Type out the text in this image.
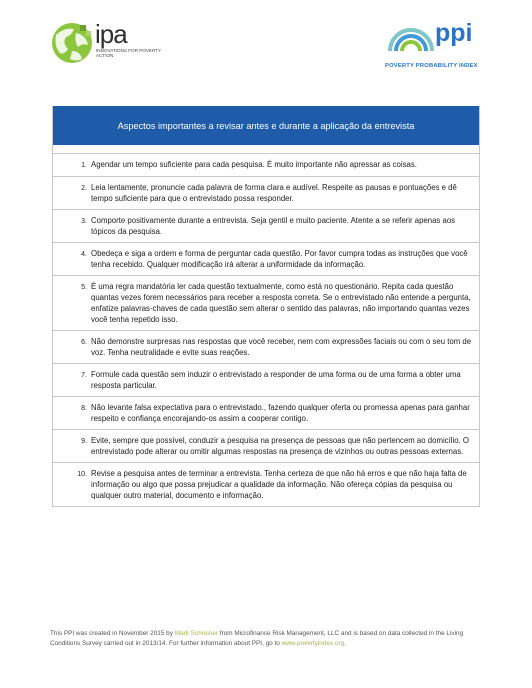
ipa
INNOVATIONS FOR POVERTY ACTION
ppi
POVERTY PROBABILITY INDEX
Aspectos importantes a revisar antes e durante a aplicação da entrevista
1. Agendar um tempo suficiente para cada pesquisa. É muito importante não apressar as coisas.
2. Leia lentamente, pronuncie cada palavra de forma clara e audível. Respeite as pausas e pontuações e dê tempo suficiente para que o entrevistado possa responder.
3. Comporte positivamente durante a entrevista. Seja gentil e muito paciente. Atente a se referir apenas aos tópicos da pesquisa.
4. Obedeça e siga a ordem e forma de perguntar cada questão. Por favor cumpra todas as instruções que você tenha recebido. Qualquer modificação irá alterar a uniformidade da informação.
5. É uma regra mandatória ler cada questão textualmente, como está no questionário. Repita cada questão quantas vezes forem necessários para receber a resposta correta. Se o entrevistado não entende a pergunta, enfatize palavras-chaves de cada questão sem alterar o sentido das palavras, não importando quantas vezes você tenha repetido isso.
6. Não demonstre surpresas nas respostas que você receber, nem com expressões faciais ou com o seu tom de voz. Tenha neutralidade e evite suas reações.
7. Formule cada questão sem induzir o entrevistado a responder de uma forma ou de uma forma a obter uma resposta particular.
8. Não levante falsa expectativa para o entrevistado., fazendo qualquer oferta ou promessa apenas para ganhar respeito e confiança encorajando-os assim a cooperar contigo.
9. Evite, sempre que possível, conduzir a pesquisa na presença de pessoas que não pertencem ao domicílio. O entrevistado pode alterar ou omitir algumas respostas na presença de vizinhos ou outras pessoas externas.
10. Revise a pesquisa antes de terminar a entrevista. Tenha certeza de que não há erros e que não haja falta de informação ou algo que possa prejudicar a qualidade da informação. Não ofereça cópias da pesquisa ou qualquer outro material, documento e informação.
This PPI was created in November 2015 by Mark Schreiner from Microfinance Risk Management, LLC and is based on data collected in the Living Conditions Survey carried out in 2013/14. For further information about PPI, go to www.povertyindex.org.
